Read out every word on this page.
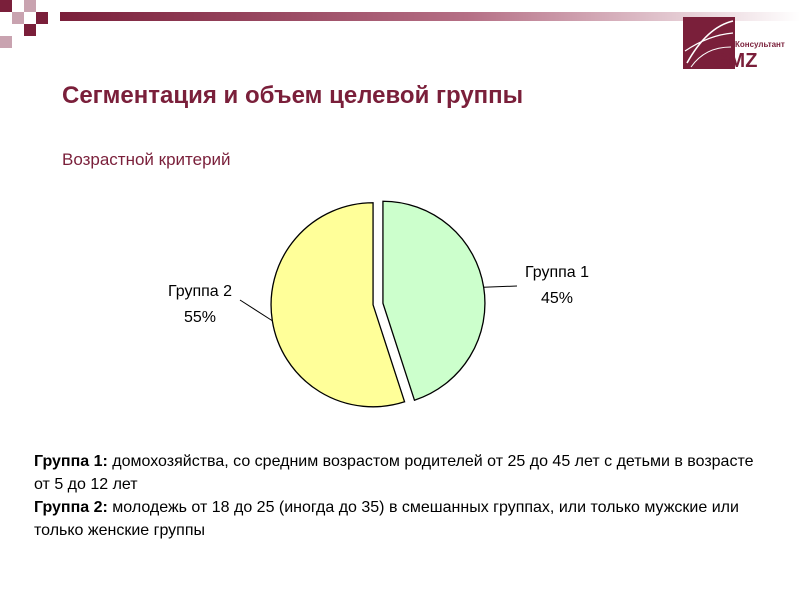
Консультант
GMZ
Сегментация и объем целевой группы
Возрастной критерий
Группа 1
45%
Группа 2
55%

Группа 1: домохозяйства, со средним возрастом родителей от 25 до 45 лет с детьми в возрасте от 5 до 12 лет

Группа 2: молодежь от 18 до 25 (иногда до 35) в смешанных группах, или только мужские или только женские группы
